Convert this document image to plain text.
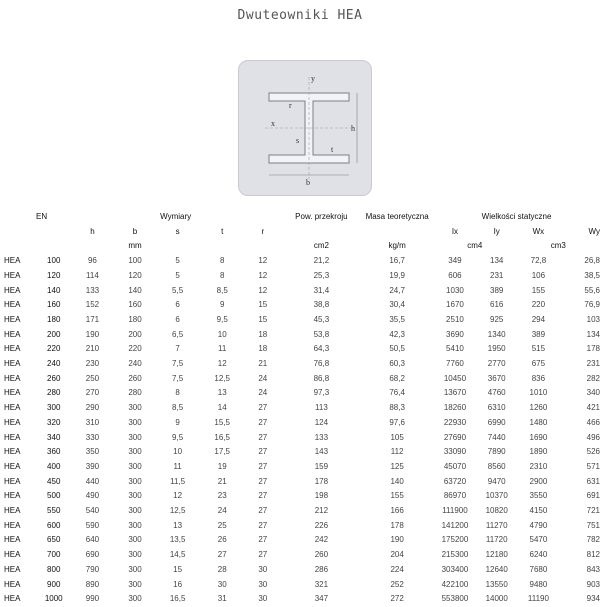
Dwuteowniki HEA
y
x
r
h
s
t
b
EN		Wymiary					Pow. przekroju	Masa teoretyczna	Wielkości statyczne			
		h	b	s	t	r			Ix	Iy	Wx	Wy
			mm				cm2	kg/m	cm4		cm3	
HEA	100	96	100	5	8	12	21,2	16,7	349	134	72,8	26,8
HEA	120	114	120	5	8	12	25,3	19,9	606	231	106	38,5
HEA	140	133	140	5,5	8,5	12	31,4	24,7	1030	389	155	55,6
HEA	160	152	160	6	9	15	38,8	30,4	1670	616	220	76,9
HEA	180	171	180	6	9,5	15	45,3	35,5	2510	925	294	103
HEA	200	190	200	6,5	10	18	53,8	42,3	3690	1340	389	134
HEA	220	210	220	7	11	18	64,3	50,5	5410	1950	515	178
HEA	240	230	240	7,5	12	21	76,8	60,3	7760	2770	675	231
HEA	260	250	260	7,5	12,5	24	86,8	68,2	10450	3670	836	282
HEA	280	270	280	8	13	24	97,3	76,4	13670	4760	1010	340
HEA	300	290	300	8,5	14	27	113	88,3	18260	6310	1260	421
HEA	320	310	300	9	15,5	27	124	97,6	22930	6990	1480	466
HEA	340	330	300	9,5	16,5	27	133	105	27690	7440	1690	496
HEA	360	350	300	10	17,5	27	143	112	33090	7890	1890	526
HEA	400	390	300	11	19	27	159	125	45070	8560	2310	571
HEA	450	440	300	11,5	21	27	178	140	63720	9470	2900	631
HEA	500	490	300	12	23	27	198	155	86970	10370	3550	691
HEA	550	540	300	12,5	24	27	212	166	111900	10820	4150	721
HEA	600	590	300	13	25	27	226	178	141200	11270	4790	751
HEA	650	640	300	13,5	26	27	242	190	175200	11720	5470	782
HEA	700	690	300	14,5	27	27	260	204	215300	12180	6240	812
HEA	800	790	300	15	28	30	286	224	303400	12640	7680	843
HEA	900	890	300	16	30	30	321	252	422100	13550	9480	903
HEA	1000	990	300	16,5	31	30	347	272	553800	14000	11190	934
